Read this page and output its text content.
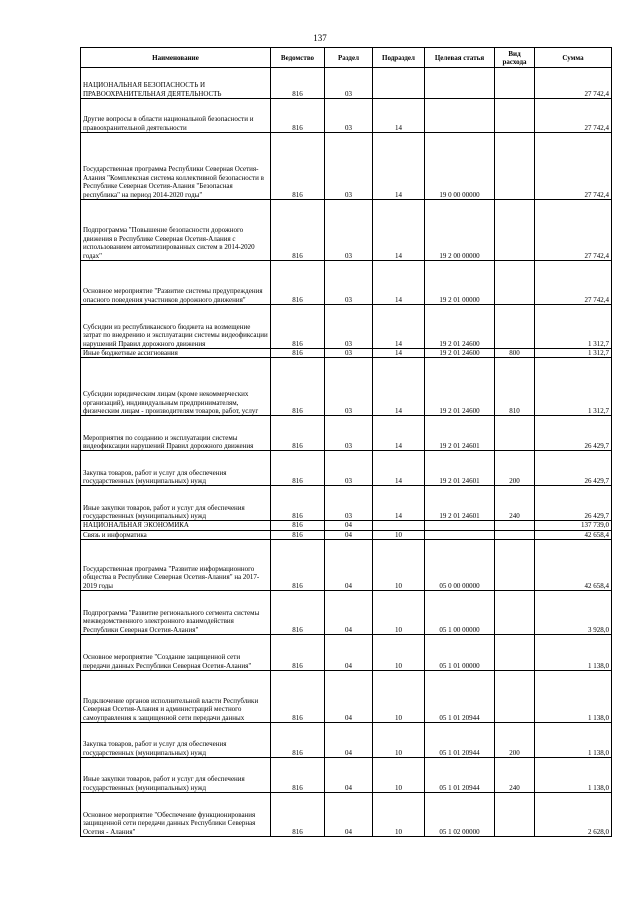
137
Наименование	Ведомство	Раздел	Подраздел	Целевая статья	Вид расхода	Сумма
НАЦИОНАЛЬНАЯ БЕЗОПАСНОСТЬ И ПРАВООХРАНИТЕЛЬНАЯ ДЕЯТЕЛЬНОСТЬ	816	03				27 742,4
Другие вопросы в области национальной безопасности и правоохранительной деятельности	816	03	14			27 742,4
Государственная программа Республики Северная Осетия-Алания "Комплексная система коллективной безопасности в Республике Северная Осетия-Алания "Безопасная республика" на период 2014-2020 годы"	816	03	14	19 0 00 00000		27 742,4
Подпрограмма "Повышение безопасности дорожного движения в Республике Северная Осетия-Алания с использованием автоматизированных систем в 2014-2020 годах"	816	03	14	19 2 00 00000		27 742,4
Основное мероприятие "Развитие системы предупреждения опасного поведения участников дорожного движения"	816	03	14	19 2 01 00000		27 742,4
Субсидии из республиканского бюджета на возмещение затрат по внедрению и эксплуатации системы видеофиксации нарушений Правил дорожного движения	816	03	14	19 2 01 24600		1 312,7
Иные бюджетные ассигнования	816	03	14	19 2 01 24600	800	1 312,7
Субсидии юридическим лицам (кроме некоммерческих организаций), индивидуальным предпринимателям, физическим лицам - производителям товаров, работ, услуг	816	03	14	19 2 01 24600	810	1 312,7
Мероприятия по созданию и эксплуатации системы видеофиксации нарушений Правил дорожного движения	816	03	14	19 2 01 24601		26 429,7
Закупка товаров, работ и услуг для обеспечения государственных (муниципальных) нужд	816	03	14	19 2 01 24601	200	26 429,7
Иные закупки товаров, работ и услуг для обеспечения государственных (муниципальных) нужд	816	03	14	19 2 01 24601	240	26 429,7
НАЦИОНАЛЬНАЯ ЭКОНОМИКА	816	04				137 739,0
Связь и информатика	816	04	10			42 658,4
Государственная программа "Развитие информационного общества в Республике Северная Осетия-Алания" на 2017-2019 годы	816	04	10	05 0 00 00000		42 658,4
Подпрограмма "Развитие регионального сегмента системы межведомственного электронного взаимодействия Республики Северная Осетия-Алания"	816	04	10	05 1 00 00000		3 928,0
Основное мероприятие "Создание защищенной сети передачи данных Республики Северная Осетия-Алания"	816	04	10	05 1 01 00000		1 138,0
Подключение органов исполнительной власти Республики Северная Осетия-Алания и администраций местного самоуправления к защищенной сети передачи данных	816	04	10	05 1 01 20944		1 138,0
Закупка товаров, работ и услуг для обеспечения государственных (муниципальных) нужд	816	04	10	05 1 01 20944	200	1 138,0
Иные закупки товаров, работ и услуг для обеспечения государственных (муниципальных) нужд	816	04	10	05 1 01 20944	240	1 138,0
Основное мероприятие "Обеспечение функционирования защищенной сети передачи данных Республики Северная Осетия - Алания"	816	04	10	05 1 02 00000		2 628,0
